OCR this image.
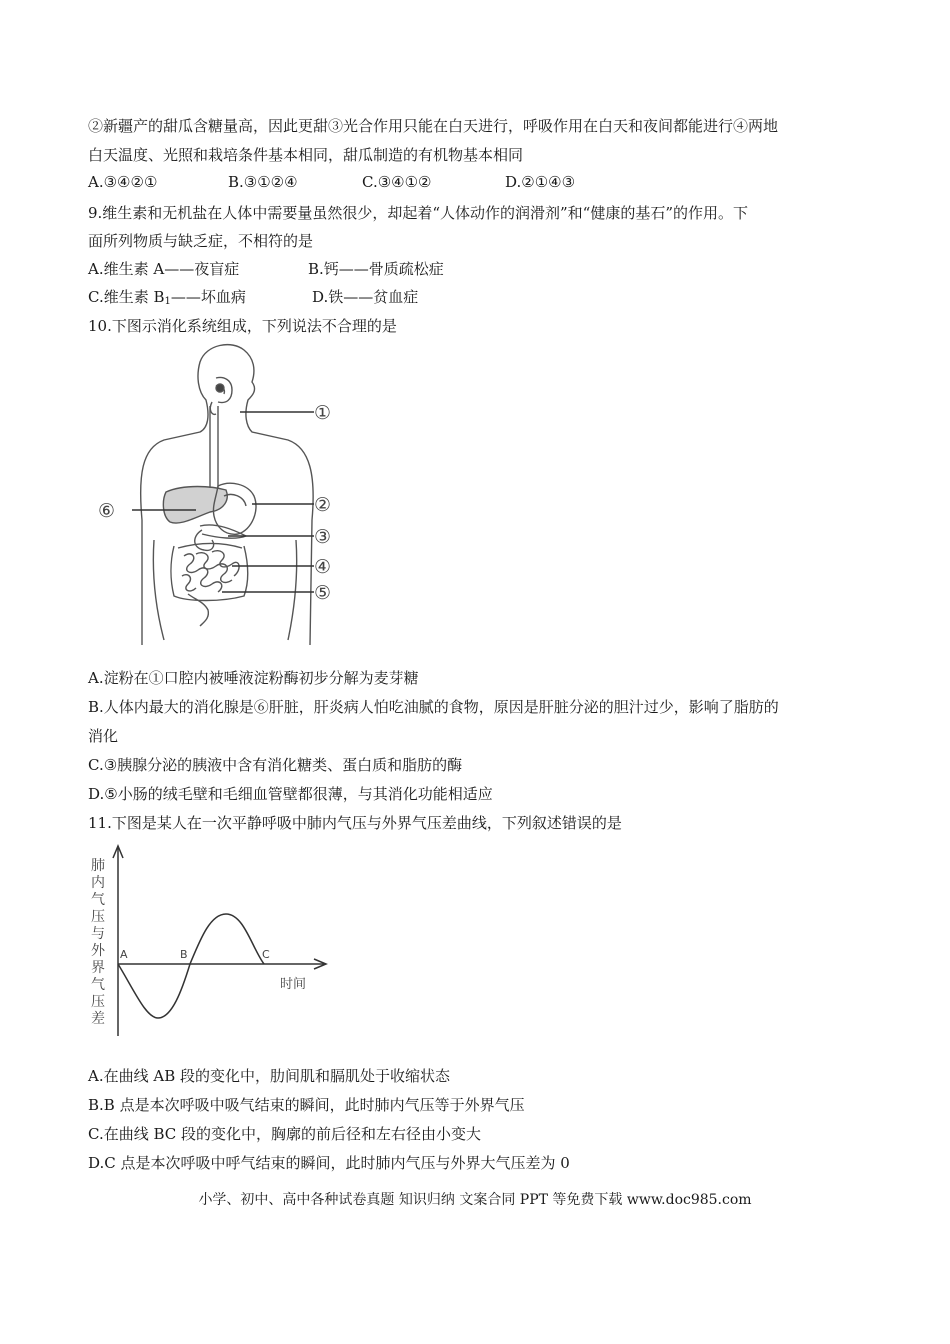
②新疆产的甜瓜含糖量高，因此更甜③光合作用只能在白天进行，呼吸作用在白天和夜间都能进行④两地
白天温度、光照和栽培条件基本相同，甜瓜制造的有机物基本相同
A.③④②①	B.③①②④	C.③④①②	D.②①④③
9.维生素和无机盐在人体中需要量虽然很少，却起着“人体动作的润滑剂”和“健康的基石”的作用。下
面所列物质与缺乏症，不相符的是
A.维生素 A——夜盲症	B.钙——骨质疏松症
C.维生素 $B_1——$坏血病	D.铁——贫血症
10.下图示消化系统组成，下列说法不合理的是
①
②
③
④
⑤
⑥
A.淀粉在①口腔内被唾液淀粉酶初步分解为麦芽糖
B.人体内最大的消化腺是⑥肝脏，肝炎病人怕吃油腻的食物，原因是肝脏分泌的胆汁过少，影响了脂肪的
消化
C.③胰腺分泌的胰液中含有消化糖类、蛋白质和脂肪的酶
D.⑤小肠的绒毛壁和毛细血管壁都很薄，与其消化功能相适应
11.下图是某人在一次平静呼吸中肺内气压与外界气压差曲线，下列叙述错误的是
肺内气压与外界气压差
A	B	C
时间
A.在曲线 AB 段的变化中，肋间肌和膈肌处于收缩状态
B.B 点是本次呼吸中吸气结束的瞬间，此时肺内气压等于外界气压
C.在曲线 BC 段的变化中，胸廓的前后径和左右径由小变大
D.C 点是本次呼吸中呼气结束的瞬间，此时肺内气压与外界大气压差为 0
小学、初中、高中各种试卷真题 知识归纳 文案合同 PPT 等免费下载 www.doc985.com
